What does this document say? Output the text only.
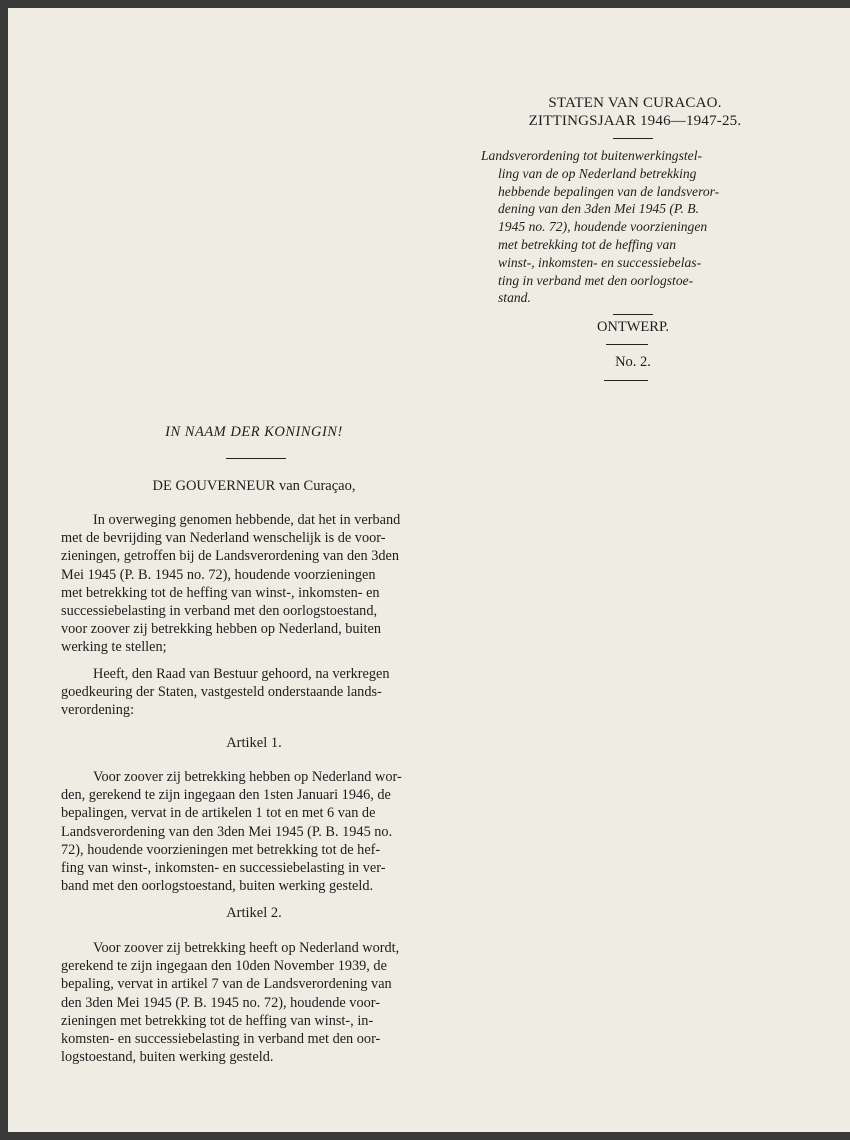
STATEN VAN CURACAO.
ZITTINGSJAAR 1946—1947-25.

Landsverordening tot buitenwerkingstel-

ling van de op Nederland betrekking

hebbende bepalingen van de landsveror-

dening van den 3den Mei 1945 (P. B.

1945 no. 72), houdende voorzieningen

met betrekking tot de heffing van

winst-, inkomsten- en successiebelas-

ting in verband met den oorlogstoe-

stand.

ONTWERP.
No. 2.
IN NAAM DER KONINGIN!
DE GOUVERNEUR van Curaçao,

In overweging genomen hebbende, dat het in verband

met de bevrijding van Nederland wenschelijk is de voor-

zieningen, getroffen bij de Landsverordening van den 3den

Mei 1945 (P. B. 1945 no. 72), houdende voorzieningen

met betrekking tot de heffing van winst-, inkomsten- en

successiebelasting in verband met den oorlogstoestand,

voor zoover zij betrekking hebben op Nederland, buiten

werking te stellen;

Heeft, den Raad van Bestuur gehoord, na verkregen

goedkeuring der Staten, vastgesteld onderstaande lands-

verordening:

Artikel 1.

Voor zoover zij betrekking hebben op Nederland wor-

den, gerekend te zijn ingegaan den 1sten Januari 1946, de

bepalingen, vervat in de artikelen 1 tot en met 6 van de

Landsverordening van den 3den Mei 1945 (P. B. 1945 no.

72), houdende voorzieningen met betrekking tot de hef-

fing van winst-, inkomsten- en successiebelasting in ver-

band met den oorlogstoestand, buiten werking gesteld.

Artikel 2.

Voor zoover zij betrekking heeft op Nederland wordt,

gerekend te zijn ingegaan den 10den November 1939, de

bepaling, vervat in artikel 7 van de Landsverordening van

den 3den Mei 1945 (P. B. 1945 no. 72), houdende voor-

zieningen met betrekking tot de heffing van winst-, in-

komsten- en successiebelasting in verband met den oor-

logstoestand, buiten werking gesteld.
